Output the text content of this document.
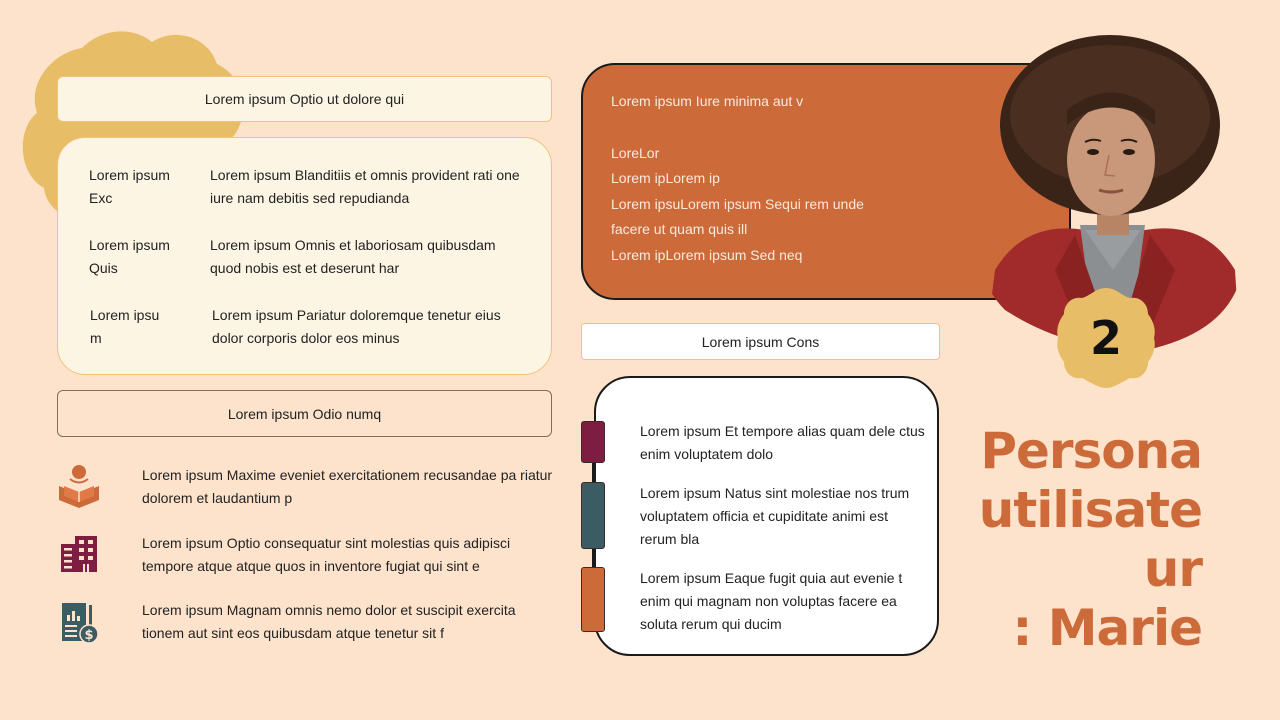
Lorem ipsum Optio ut dolore qui
Lorem ipsum Exc
Lorem ipsum Blanditiis et omnis provident rati one iure nam debitis sed repudianda
Lorem ipsum Quis
Lorem ipsum Omnis et laboriosam quibusdam quod nobis est et deserunt har
Lorem ipsu m
Lorem ipsum Pariatur doloremque tenetur eius dolor corporis dolor eos minus
Lorem ipsum Odio numq
Lorem ipsum Maxime eveniet exercitationem recusandae pa riatur dolorem et laudantium p
Lorem ipsum Optio consequatur sint molestias quis adipisci tempore atque atque quos in inventore fugiat qui sint e
$
Lorem ipsum Magnam omnis nemo dolor et suscipit exercita tionem aut sint eos quibusdam atque tenetur sit f
Lorem ipsum Iure minima aut v
LoreLor
Lorem ipLorem ip
Lorem ipsuLorem ipsum Sequi rem unde
facere ut quam quis ill
Lorem ipLorem ipsum Sed neq
2
Lorem ipsum Cons
Lorem ipsum Et tempore alias quam dele ctus enim voluptatem dolo
Lorem ipsum Natus sint molestiae nos trum voluptatem officia et cupiditate animi est rerum bla
Lorem ipsum Eaque fugit quia aut evenie t enim qui magnam non voluptas facere ea soluta rerum qui ducim
Persona
utilisate
ur
: Marie
